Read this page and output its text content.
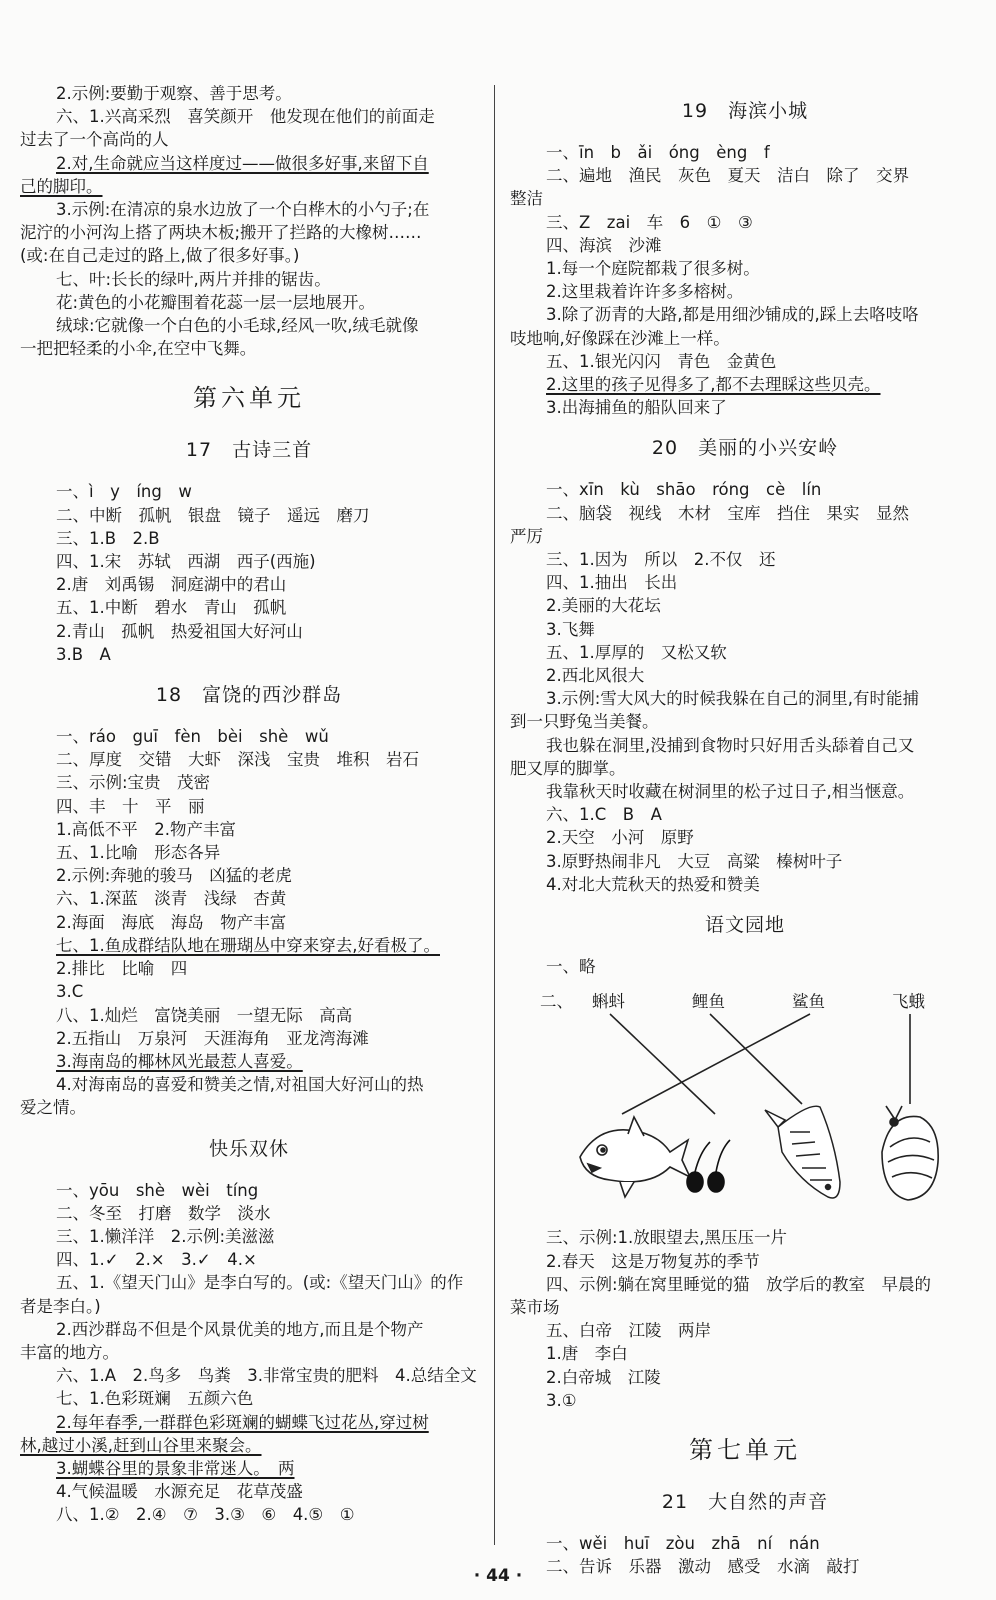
2.示例:要勤于观察、善于思考。
六、1.兴高采烈　喜笑颜开　他发现在他们的前面走
过去了一个高尚的人
2.对,生命就应当这样度过——做很多好事,来留下自
己的脚印。
3.示例:在清凉的泉水边放了一个白桦木的小勺子;在
泥泞的小河沟上搭了两块木板;搬开了拦路的大橡树……
(或:在自己走过的路上,做了很多好事。)
七、叶:长长的绿叶,两片并排的锯齿。
花:黄色的小花瓣围着花蕊一层一层地展开。
绒球:它就像一个白色的小毛球,经风一吹,绒毛就像
一把把轻柔的小伞,在空中飞舞。
第六单元
17　古诗三首
一、ì　y　íng　w
二、中断　孤帆　银盘　镜子　遥远　磨刀
三、1.B　2.B
四、1.宋　苏轼　西湖　西子(西施)
2.唐　刘禹锡　洞庭湖中的君山
五、1.中断　碧水　青山　孤帆
2.青山　孤帆　热爱祖国大好河山
3.B　A
18　富饶的西沙群岛
一、ráo　guī　fèn　bèi　shè　wǔ
二、厚度　交错　大虾　深浅　宝贵　堆积　岩石
三、示例:宝贵　茂密
四、丰　十　平　丽
1.高低不平　2.物产丰富
五、1.比喻　形态各异
2.示例:奔驰的骏马　凶猛的老虎
六、1.深蓝　淡青　浅绿　杏黄
2.海面　海底　海岛　物产丰富
七、1.鱼成群结队地在珊瑚丛中穿来穿去,好看极了。
2.排比　比喻　四
3.C
八、1.灿烂　富饶美丽　一望无际　高高
2.五指山　万泉河　天涯海角　亚龙湾海滩
3.海南岛的椰林风光最惹人喜爱。
4.对海南岛的喜爱和赞美之情,对祖国大好河山的热
爱之情。
快乐双休
一、yōu　shè　wèi　tíng
二、冬至　打磨　数学　淡水
三、1.懒洋洋　2.示例:美滋滋
四、1.✓　2.×　3.✓　4.×
五、1.《望天门山》是李白写的。(或:《望天门山》的作
者是李白。)
2.西沙群岛不但是个风景优美的地方,而且是个物产
丰富的地方。
六、1.A　2.鸟多　鸟粪　3.非常宝贵的肥料　4.总结全文
七、1.色彩斑斓　五颜六色
2.每年春季,一群群色彩斑斓的蝴蝶飞过花丛,穿过树
林,越过小溪,赶到山谷里来聚会。
3.蝴蝶谷里的景象非常迷人。　两
4.气候温暖　水源充足　花草茂盛
八、1.②　2.④　⑦　3.③　⑥　4.⑤　①
19　海滨小城
一、īn　b　ǎi　óng　èng　f
二、遍地　渔民　灰色　夏天　洁白　除了　交界
整洁
三、Z　zai　车　6　①　③
四、海滨　沙滩
1.每一个庭院都栽了很多树。
2.这里栽着许许多多榕树。
3.除了沥青的大路,都是用细沙铺成的,踩上去咯吱咯
吱地响,好像踩在沙滩上一样。
五、1.银光闪闪　青色　金黄色
2.这里的孩子见得多了,都不去理睬这些贝壳。
3.出海捕鱼的船队回来了
20　美丽的小兴安岭
一、xīn　kù　shāo　róng　cè　lín
二、脑袋　视线　木材　宝库　挡住　果实　显然
严厉
三、1.因为　所以　2.不仅　还
四、1.抽出　长出
2.美丽的大花坛
3.飞舞
五、1.厚厚的　又松又软
2.西北风很大
3.示例:雪大风大的时候我躲在自己的洞里,有时能捕
到一只野兔当美餐。
我也躲在洞里,没捕到食物时只好用舌头舔着自己又
肥又厚的脚掌。
我靠秋天时收藏在树洞里的松子过日子,相当惬意。
六、1.C　B　A
2.天空　小河　原野
3.原野热闹非凡　大豆　高粱　榛树叶子
4.对北大荒秋天的热爱和赞美
语文园地
一、略
二、 蝌蚪	鲤鱼	鲨鱼	飞蛾
三、示例:1.放眼望去,黑压压一片
2.春天　这是万物复苏的季节
四、示例:躺在窝里睡觉的猫　放学后的教室　早晨的
菜市场
五、白帝　江陵　两岸
1.唐　李白
2.白帝城　江陵
3.①
第七单元
21　大自然的声音
一、wěi　huī　zòu　zhā　ní　nán
二、告诉　乐器　激动　感受　水滴　敲打
· 44 ·
